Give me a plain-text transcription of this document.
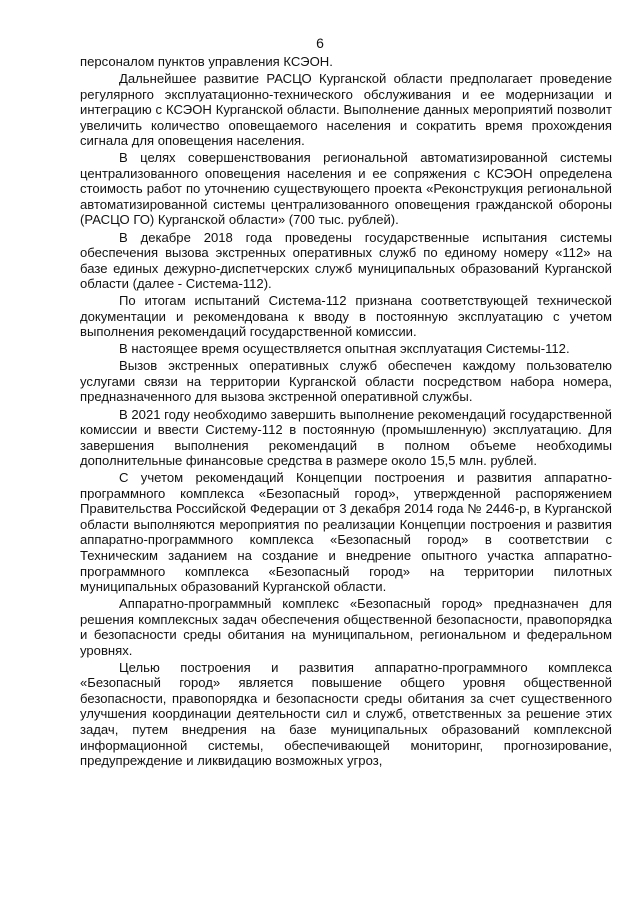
6

персоналом пунктов управления КСЭОН.

Дальнейшее развитие РАСЦО Курганской области предполагает проведение регулярного эксплуатационно-технического обслуживания и ее модернизации и интеграцию с КСЭОН Курганской области. Выполнение данных мероприятий позволит увеличить количество оповещаемого населения и сократить время прохождения сигнала для оповещения населения.

В целях совершенствования региональной автоматизированной системы централизованного оповещения населения и ее сопряжения с КСЭОН определена стоимость работ по уточнению существующего проекта «Реконструкция региональной автоматизированной системы централизованного оповещения гражданской обороны (РАСЦО ГО) Курганской области» (700 тыс. рублей).

В декабре 2018 года проведены государственные испытания системы обеспечения вызова экстренных оперативных служб по единому номеру «112» на базе единых дежурно-диспетчерских служб муниципальных образований Курганской области (далее - Система-112).

По итогам испытаний Система-112 признана соответствующей технической документации и рекомендована к вводу в постоянную эксплуатацию с учетом выполнения рекомендаций государственной комиссии.

В настоящее время осуществляется опытная эксплуатация Системы-112.

Вызов экстренных оперативных служб обеспечен каждому пользователю услугами связи на территории Курганской области посредством набора номера, предназначенного для вызова экстренной оперативной службы.

В 2021 году необходимо завершить выполнение рекомендаций государственной комиссии и ввести Систему-112 в постоянную (промышленную) эксплуатацию. Для завершения выполнения рекомендаций в полном объеме необходимы дополнительные финансовые средства в размере около 15,5 млн. рублей.

С учетом рекомендаций Концепции построения и развития аппаратно-программного комплекса «Безопасный город», утвержденной распоряжением Правительства Российской Федерации от 3 декабря 2014 года № 2446-р, в Курганской области выполняются мероприятия по реализации Концепции построения и развития аппаратно-программного комплекса «Безопасный город» в соответствии с Техническим заданием на создание и внедрение опытного участка аппаратно-программного комплекса «Безопасный город» на территории пилотных муниципальных образований Курганской области.

Аппаратно-программный комплекс «Безопасный город» предназначен для решения комплексных задач обеспечения общественной безопасности, правопорядка и безопасности среды обитания на муниципальном, региональном и федеральном уровнях.

Целью построения и развития аппаратно-программного комплекса «Безопасный город» является повышение общего уровня общественной безопасности, правопорядка и безопасности среды обитания за счет существенного улучшения координации деятельности сил и служб, ответственных за решение этих задач, путем внедрения на базе муниципальных образований комплексной информационной системы, обеспечивающей мониторинг, прогнозирование, предупреждение и ликвидацию возможных угроз,
